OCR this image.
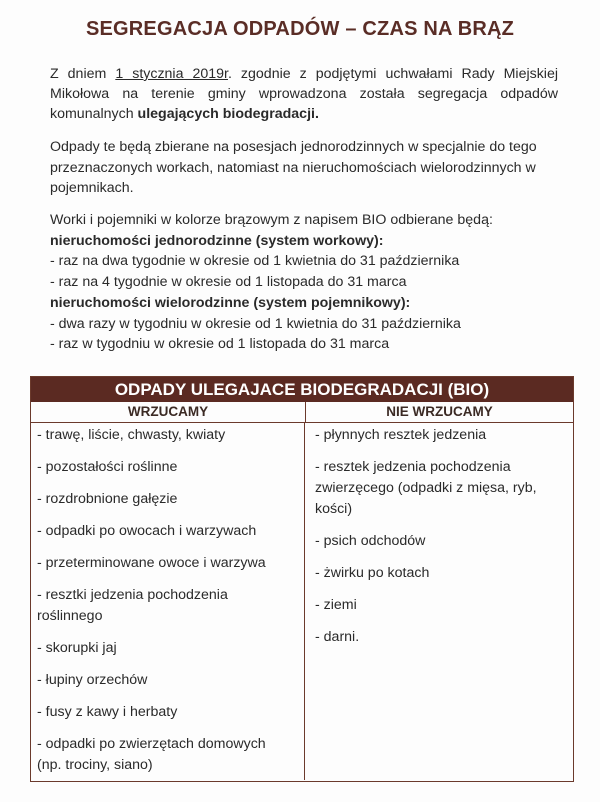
SEGREGACJA ODPADÓW – CZAS NA BRĄZ
Z dniem 1 stycznia 2019r. zgodnie z podjętymi uchwałami Rady Miejskiej Mikołowa na terenie gminy wprowadzona została segregacja odpadów komunalnych ulegających biodegradacji.
Odpady te będą zbierane na posesjach jednorodzinnych w specjalnie do tego przeznaczonych workach, natomiast na nieruchomościach wielorodzinnych w pojemnikach.
Worki i pojemniki w kolorze brązowym z napisem BIO odbierane będą:
nieruchomości jednorodzinne (system workowy):
- raz na dwa tygodnie w okresie od 1 kwietnia do 31 października
- raz na 4 tygodnie w okresie od 1 listopada do 31 marca
nieruchomości wielorodzinne (system pojemnikowy):
- dwa razy w tygodniu w okresie od 1 kwietnia do 31 października
- raz w tygodniu w okresie od 1 listopada do 31 marca
ODPADY ULEGAJACE BIODEGRADACJI (BIO)
WRZUCAMY	NIE WRZUCAMY
- trawę, liście, chwasty, kwiaty
- pozostałości roślinne
- rozdrobnione gałęzie
- odpadki po owocach i warzywach
- przeterminowane owoce i warzywa
- resztki jedzenia pochodzenia roślinnego
- skorupki jaj
- łupiny orzechów
- fusy z kawy i herbaty
- odpadki po zwierzętach domowych (np. trociny, siano)
- płynnych resztek jedzenia
- resztek jedzenia pochodzenia zwierzęcego (odpadki z mięsa, ryb, kości)
- psich odchodów
- żwirku po kotach
- ziemi
- darni.
